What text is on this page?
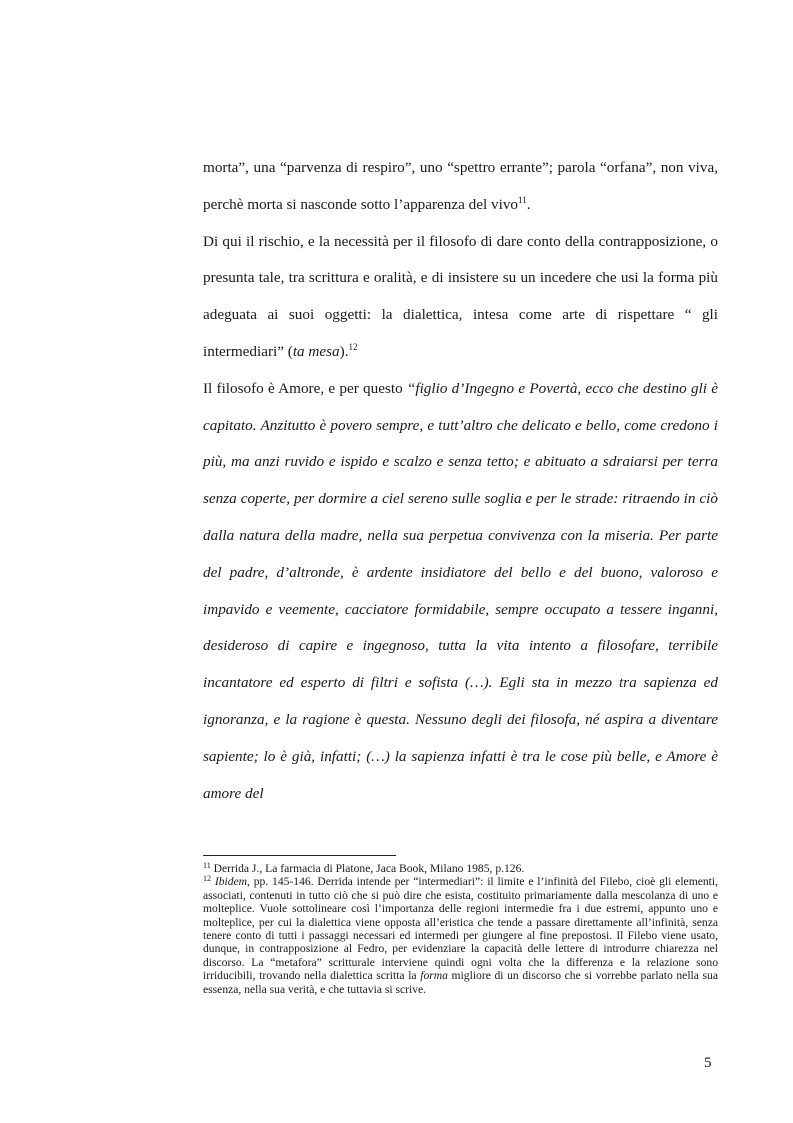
morta”, una “parvenza di respiro”, uno “spettro errante”; parola “orfana”, non viva, perchè morta si nasconde sotto l’apparenza del vivo$^{11}$.

Di qui il rischio, e la necessità per il filosofo di dare conto della contrapposizione, o presunta tale, tra scrittura e oralità, e di insistere su un incedere che usi la forma più adeguata ai suoi oggetti: la dialettica, intesa come arte di rispettare “ gli intermediari” (ta mesa).$^{12}$

Il filosofo è Amore, e per questo “figlio d’Ingegno e Povertà, ecco che destino gli è capitato. Anzitutto è povero sempre, e tutt’altro che delicato e bello, come credono i più, ma anzi ruvido e ispido e scalzo e senza tetto; e abituato a sdraiarsi per terra senza coperte, per dormire a ciel sereno sulle soglia e per le strade: ritraendo in ciò dalla natura della madre, nella sua perpetua convivenza con la miseria. Per parte del padre, d’altronde, è ardente insidiatore del bello e del buono, valoroso e impavido e veemente, cacciatore formidabile, sempre occupato a tessere inganni, desideroso di capire e ingegnoso, tutta la vita intento a filosofare, terribile incantatore ed esperto di filtri e sofista (…). Egli sta in mezzo tra sapienza ed ignoranza, e la ragione è questa. Nessuno degli dei filosofa, né aspira a diventare sapiente; lo è già, infatti; (…) la sapienza infatti è tra le cose più belle, e Amore è amore del

$^{11}$ Derrida J., La farmacia di Platone, Jaca Book, Milano 1985, p.126.

$^{12}$ Ibidem, pp. 145-146. Derrida intende per “intermediari”: il limite e l’infinità del Filebo, cioè gli elementi, associati, contenuti in tutto ciò che si può dire che esista, costituito primariamente dalla mescolanza di uno e molteplice. Vuole sottolineare così l’importanza delle regioni intermedie fra i due estremi, appunto uno e molteplice, per cui la dialettica viene opposta all’eristica che tende a passare direttamente all’infinità, senza tenere conto di tutti i passaggi necessari ed intermedi per giungere al fine prepostosi. Il Filebo viene usato, dunque, in contrapposizione al Fedro, per evidenziare la capacità delle lettere di introdurre chiarezza nel discorso. La “metafora” scritturale interviene quindi ogni volta che la differenza e la relazione sono irriducibili, trovando nella dialettica scritta la forma migliore di un discorso che si vorrebbe parlato nella sua essenza, nella sua verità, e che tuttavia si scrive.

5
